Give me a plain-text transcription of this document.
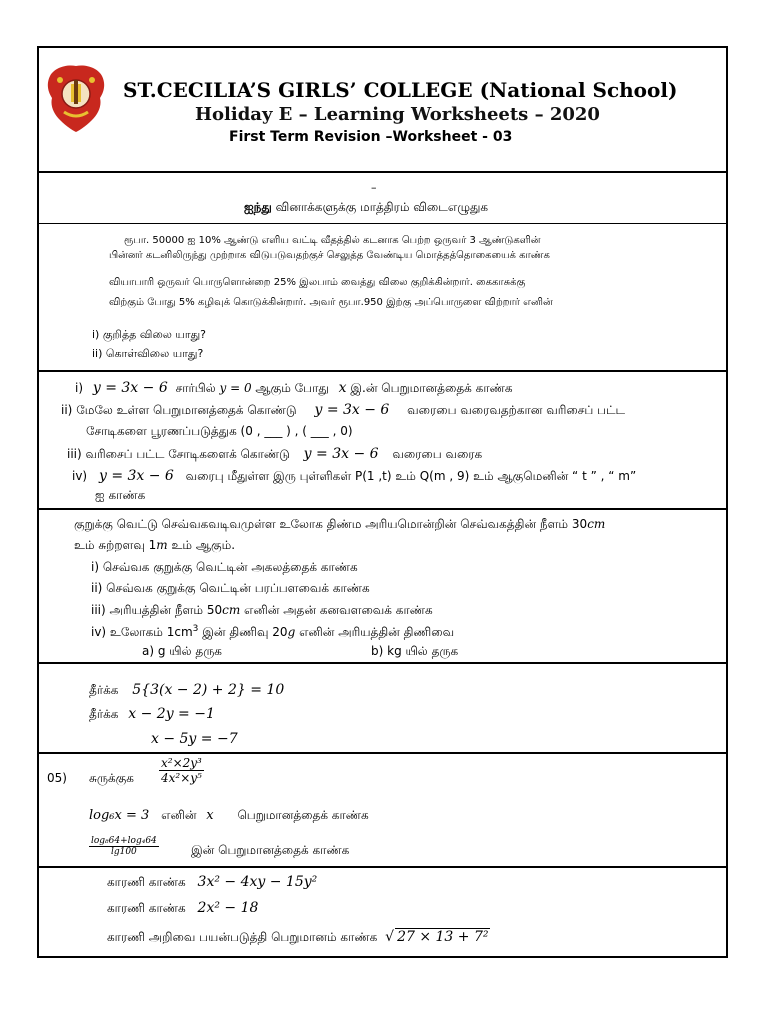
ST.CECILIA’S GIRLS’ COLLEGE (National School)
Holiday E – Learning Worksheets – 2020
First Term Revision –Worksheet - 03
–
ஐந்து வினாக்களுக்கு மாத்திரம் விடைஎழுதுக
ரூபா. 50000 ஐ 10% ஆண்டு எளிய வட்டி வீதத்தில் கடனாக பெற்ற ஒருவர் 3 ஆண்டுகளின்
பின்னர் கடனிலிருந்து முற்றாக விடுபடுவதற்குச் செலுத்த வேண்டிய மொத்தத்தொகையைக் காண்க
வியாபாரி ஒருவர் பொருளொன்றை 25% இலபாம் வைத்து விலை குறிக்கின்றார். கைகாசுக்கு
விற்கும் போது 5% கழிவுக் கொடுக்கின்றார். அவர் ரூபா.950 இற்கு அப்பொருளை விற்றார் எனின்
i) குறித்த விலை யாது?
ii) கொள்விலை யாது?
i) y = 3x − 6 சார்பில் y = 0 ஆகும் போது x இ.ன் பெறுமானத்தைக் காண்க
ii) மேலே உள்ள பெறுமானத்தைக் கொண்டு y = 3x − 6 வரைபை வரைவதற்கான வரிசைப் பட்ட
சோடிகளை பூரணப்படுத்துக (0 , ___ ) , ( ___ , 0)
iii) வரிசைப் பட்ட சோடிகளைக் கொண்டு y = 3x − 6 வரைபை வரைக
iv) y = 3x − 6 வரைபு மீதுள்ள இரு புள்ளிகள் P(1 ,t) உம் Q(m , 9) உம் ஆகுமெனின் “ t ” , “ m”
ஐ காண்க
குறுக்கு வெட்டு செவ்வகவடிவமுள்ள உலோக திண்ம அரியமொன்றின் செவ்வகத்தின் நீளம் 30cm
உம் சுற்றளவு 1m உம் ஆகும்.
i) செவ்வக குறுக்கு வெட்டின் அகலத்தைக் காண்க
ii) செவ்வக குறுக்கு வெட்டின் பரப்பளவைக் காண்க
iii) அரியத்தின் நீளம் 50cm எனின் அதன் கனவளவைக் காண்க
iv) உலோகம் $1cm^3$ இன் திணிவு 20g எனின் அரியத்தின் திணிவை
a) g யில் தருக	b) kg யில் தருக
தீர்க்க 5{3(x − 2) + 2} = 10
தீர்க்க x − 2y = −1
x − 5y = −7
05) சுருக்குக $\frac{\text{x²×2y³}}{\text{4x²×y⁵}}$
log₆x = 3 எனின் x பெறுமானத்தைக் காண்க
$\frac{\text{log₈64+log₄64}}{\lg 100}$	இன் பெறுமானத்தைக் காண்க
காரணி காண்க 3x² − 4xy − 15y²
காரணி காண்க 2x² − 18
காரணி அறிவை பயன்படுத்தி பெறுமானம் காண்க √ 27 × 13 + 7²
